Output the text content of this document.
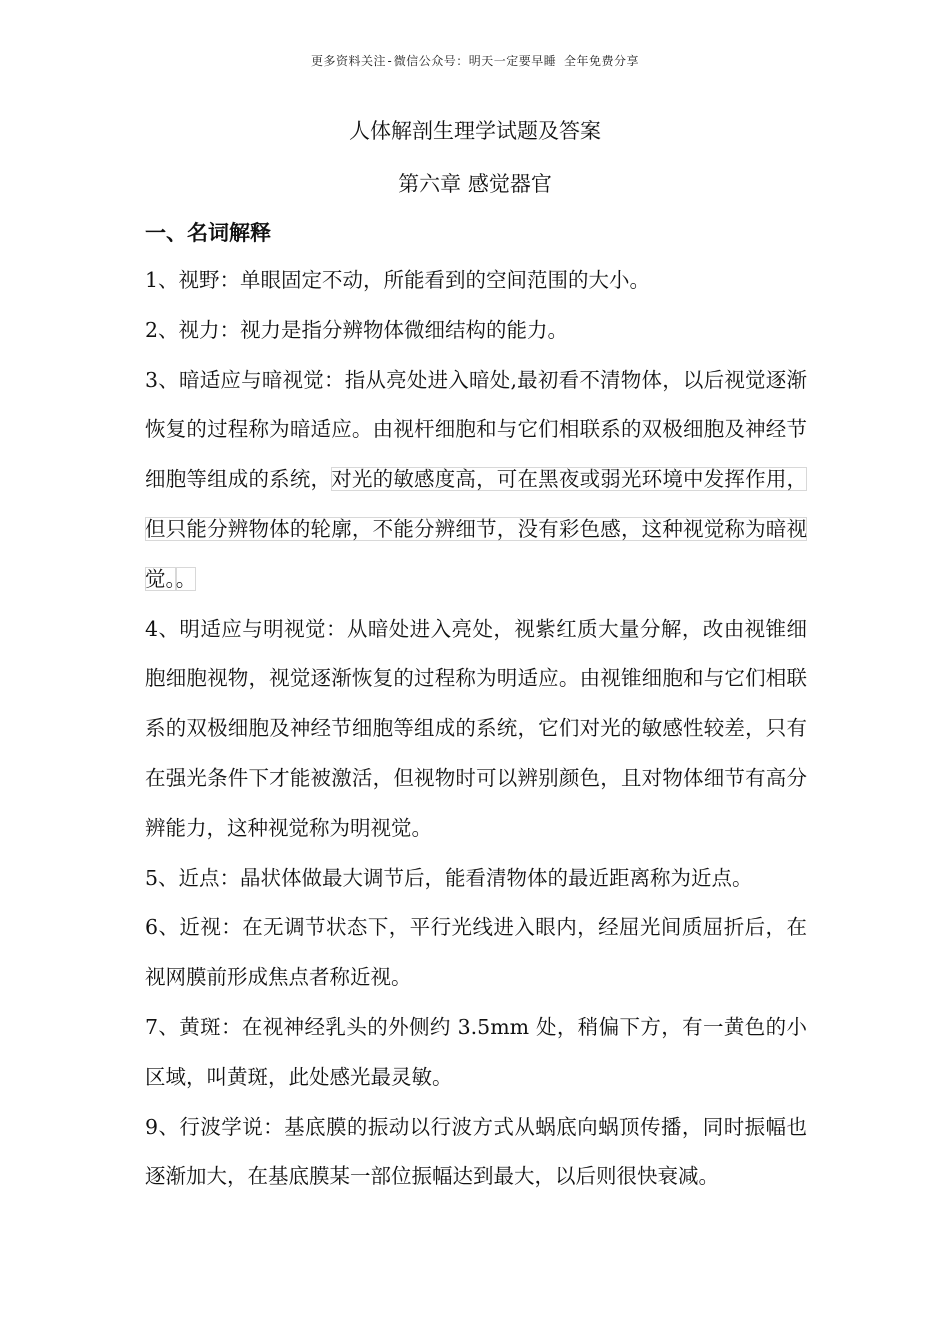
更多资料关注-微信公众号：明天一定要早睡 全年免费分享
人体解剖生理学试题及答案
第六章 感觉器官
一、名词解释

1、视野：单眼固定不动，所能看到的空间范围的大小。

2、视力：视力是指分辨物体微细结构的能力。

3、暗适应与暗视觉：指从亮处进入暗处,最初看不清物体，以后视觉逐渐恢复的过程称为暗适应。由视杆细胞和与它们相联系的双极细胞及神经节细胞等组成的系统，对光的敏感度高，可在黑夜或弱光环境中发挥作用，但只能分辨物体的轮廓，不能分辨细节，没有彩色感，这种视觉称为暗视觉。。

4、明适应与明视觉：从暗处进入亮处，视紫红质大量分解，改由视锥细胞细胞视物，视觉逐渐恢复的过程称为明适应。由视锥细胞和与它们相联系的双极细胞及神经节细胞等组成的系统，它们对光的敏感性较差，只有在强光条件下才能被激活，但视物时可以辨别颜色，且对物体细节有高分辨能力，这种视觉称为明视觉。

5、近点：晶状体做最大调节后，能看清物体的最近距离称为近点。

6、近视：在无调节状态下，平行光线进入眼内，经屈光间质屈折后，在视网膜前形成焦点者称近视。

7、黄斑：在视神经乳头的外侧约 3.5mm 处，稍偏下方，有一黄色的小区域，叫黄斑，此处感光最灵敏。

9、行波学说：基底膜的振动以行波方式从蜗底向蜗顶传播，同时振幅也逐渐加大，在基底膜某一部位振幅达到最大，以后则很快衰减。
